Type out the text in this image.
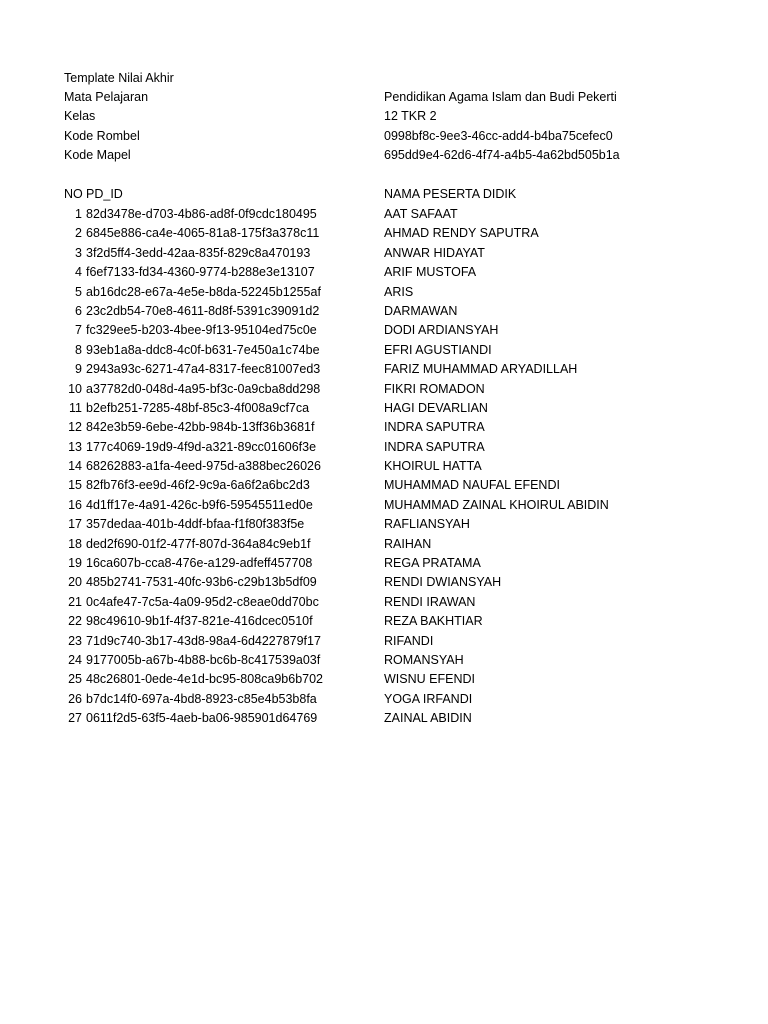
Template Nilai Akhir
Mata Pelajaran	Pendidikan Agama Islam dan Budi Pekerti
Kelas	12 TKR 2
Kode Rombel	0998bf8c-9ee3-46cc-add4-b4ba75cefec0
Kode Mapel	695dd9e4-62d6-4f74-a4b5-4a62bd505b1a
NO PD_ID	NAMA PESERTA DIDIK
1 82d3478e-d703-4b86-ad8f-0f9cdc180495	AAT SAFAAT
2 6845e886-ca4e-4065-81a8-175f3a378c11	AHMAD RENDY SAPUTRA
3 3f2d5ff4-3edd-42aa-835f-829c8a470193	ANWAR HIDAYAT
4 f6ef7133-fd34-4360-9774-b288e3e13107	ARIF MUSTOFA
5 ab16dc28-e67a-4e5e-b8da-52245b1255af	ARIS
6 23c2db54-70e8-4611-8d8f-5391c39091d2	DARMAWAN
7 fc329ee5-b203-4bee-9f13-95104ed75c0e	DODI ARDIANSYAH
8 93eb1a8a-ddc8-4c0f-b631-7e450a1c74be	EFRI AGUSTIANDI
9 2943a93c-6271-47a4-8317-feec81007ed3	FARIZ MUHAMMAD ARYADILLAH
10 a37782d0-048d-4a95-bf3c-0a9cba8dd298	FIKRI ROMADON
11 b2efb251-7285-48bf-85c3-4f008a9cf7ca	HAGI DEVARLIAN
12 842e3b59-6ebe-42bb-984b-13ff36b3681f	INDRA SAPUTRA
13 177c4069-19d9-4f9d-a321-89cc01606f3e	INDRA SAPUTRA
14 68262883-a1fa-4eed-975d-a388bec26026	KHOIRUL HATTA
15 82fb76f3-ee9d-46f2-9c9a-6a6f2a6bc2d3	MUHAMMAD NAUFAL EFENDI
16 4d1ff17e-4a91-426c-b9f6-59545511ed0e	MUHAMMAD ZAINAL KHOIRUL ABIDIN
17 357dedaa-401b-4ddf-bfaa-f1f80f383f5e	RAFLIANSYAH
18 ded2f690-01f2-477f-807d-364a84c9eb1f	RAIHAN
19 16ca607b-cca8-476e-a129-adfeff457708	REGA PRATAMA
20 485b2741-7531-40fc-93b6-c29b13b5df09	RENDI DWIANSYAH
21 0c4afe47-7c5a-4a09-95d2-c8eae0dd70bc	RENDI IRAWAN
22 98c49610-9b1f-4f37-821e-416dcec0510f	REZA BAKHTIAR
23 71d9c740-3b17-43d8-98a4-6d4227879f17	RIFANDI
24 9177005b-a67b-4b88-bc6b-8c417539a03f	ROMANSYAH
25 48c26801-0ede-4e1d-bc95-808ca9b6b702	WISNU EFENDI
26 b7dc14f0-697a-4bd8-8923-c85e4b53b8fa	YOGA IRFANDI
27 0611f2d5-63f5-4aeb-ba06-985901d64769	ZAINAL ABIDIN
